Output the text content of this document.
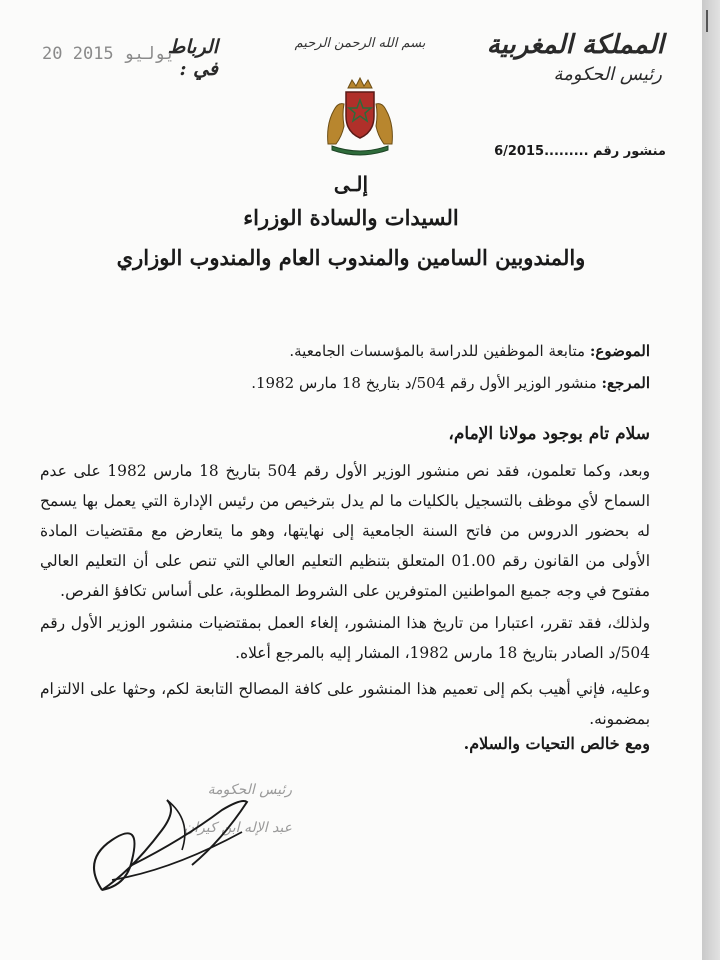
المملكة المغربية
رئيس الحكومة
بسم الله الرحمن الرحيم
الرباط في :
20 يوليو 2015
منشور رقم .........6/2015
إلـى
السيدات والسادة الوزراء
والمندوبين السامين والمندوب العام والمندوب الوزاري
الموضوع: متابعة الموظفين للدراسة بالمؤسسات الجامعية.
المرجع: منشور الوزير الأول رقم 504/د بتاريخ 18 مارس 1982.
سلام تام بوجود مولانا الإمام،
وبعد، وكما تعلمون، فقد نص منشور الوزير الأول رقم 504 بتاريخ 18 مارس 1982 على عدم السماح لأي موظف بالتسجيل بالكليات ما لم يدل بترخيص من رئيس الإدارة التي يعمل بها يسمح له بحضور الدروس من فاتح السنة الجامعية إلى نهايتها، وهو ما يتعارض مع مقتضيات المادة الأولى من القانون رقم 01.00 المتعلق بتنظيم التعليم العالي التي تنص على أن التعليم العالي مفتوح في وجه جميع المواطنين المتوفرين على الشروط المطلوبة، على أساس تكافؤ الفرص.
ولذلك، فقد تقرر، اعتبارا من تاريخ هذا المنشور، إلغاء العمل بمقتضيات منشور الوزير الأول رقم 504/د الصادر بتاريخ 18 مارس 1982، المشار إليه بالمرجع أعلاه.
وعليه، فإني أهيب بكم إلى تعميم هذا المنشور على كافة المصالح التابعة لكم، وحثها على الالتزام بمضمونه.
ومع خالص التحيات والسلام.
رئيس الحكومة
عبد الإله ابن كيران
